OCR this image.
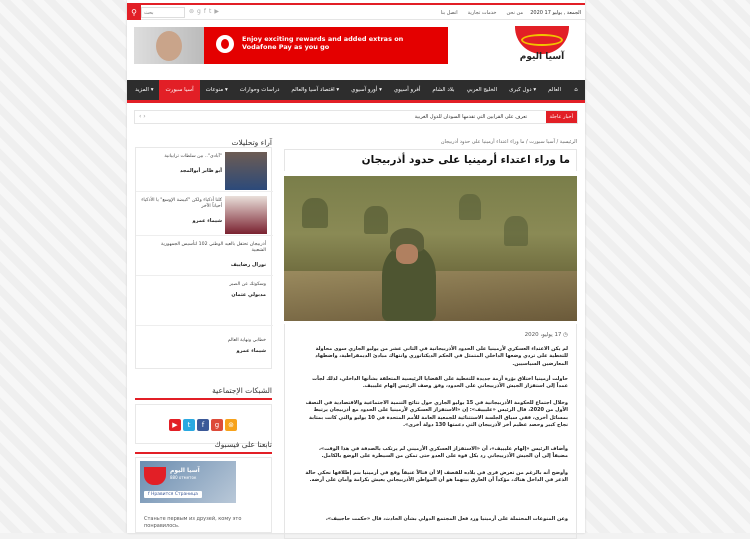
⚲
بحث	⊚ g f t ▶	من نحن
خدمات تجارية
اتصل بنا	الجمعة , يوليو 17 2020
Enjoy exciting rewards and added extras on Vodafone Pay as you go
آسيا اليوم
⌂
العالم
دول كبرى ▾
الخليج العربي
بلاد الشام
أفرو آسيوي
أورو آسيوي ▾
اقتصاد آسيا والعالم ▾
دراسات وحوارات
منوعات ▾
آسيا سبورت
المزيد ▾
أخبار عاجلة
تعرف على القرابين التي تقدمها السودان للدول الغربية
‹ ›
الرئيسية / آسيا سبورت / ما وراء اعتداء أرمينيا على حدود أذربيجان
ما وراء اعتداء أرمينيا على حدود أذربيجان
◷ 17 يوليو، 2020
لم يكن الاعتداء العسكري لأرمينيا على الحدود الأذربيجانية في الثاني عشر من يوليو الجاري سوى محاولة للتغطية على تردي وضعها الداخلي المتمثل في الحكم الديكتاتوري وانتهاك مبادئ الديمقراطية، واضطهاد المعارضين السياسيين.
حاولت أرمينيا اختلاق بؤرة أزمة جديدة للتغطية على القضايا الرئيسية المتعلقة بشأنها الداخلي، لذلك لجأت عمداً إلى استفزاز الجيش الأذربيجاني على الحدود، وفق وصف الرئيس إلهام عليييف.
وخلال اجتماع للحكومة الأذربيجانية في 15 يوليو الجاري حول نتائج التنمية الاجتماعية والاقتصادية في النصف الأول من 2020، قال الرئيس «عليييف»: إن «الاستفزاز العسكري لأرمينيا على الحدود مع أذربيجان يرتبط بمسائل أخرى، ففي سياق الجلسة الاستثنائية للجمعية العامة للأمم المتحدة في 10 يوليو والتي كانت بمثابة نجاح كبير وحصد عظيم أخر لأذربيجان التي دعمتها 130 دولة أخرى».
وأضاف الرئيس «إلهام عليييف»، أن «الاستفزاز العسكري الأرميني لم يرتكب بالصدفة في هذا الوقت»، مضيفاً إلى أن الجيش الأذربيجاني رد بكل قوة على العدو حتى تمكن من السيطرة على الوضع بالكامل.
وأوضح أنه بالرغم من تعرض قرى في بلاده للقصف إلا أن قتالاً عنيفاً وقع في أرمينيا بنم إطلاقها نحكي حالة الذعر في الداخل هناك، مؤكداً أن العارق بينهما هو أن المواطن الأذربيجاني يعيش بكرامة وأمان على أرضه.
وعن المنوعات المحتملة على أرمينيا ورد فعل المجتمع الدولي بشأن الحادث، قال «حكمت حاجييف»،
آراء وتحليلات
"آبادي".. بين سلطات ترابيانية
أبو ظابر أبوالمجد
كلنا أذكياء ولكن "كبيضة الإوسع" يا الأذكياء أحياناً الآخر
شيماء عمرو
أذربيجان تحتفل بالعيد الوطني 102 لتأسيس الجمهورية الشعبية
نورال رضاييف
وسكوتك عن الصبر
مدبولي عثمان
خطابي ونهاية العالم
شيماء عمرو
الشبكات الإجتماعية
▶	t	f	g	⊚
تابعنا على فيسبوك
آسيا اليوم
880 отметок
f Нравится Страница
Станьте первым из друзей, кому это понравилось.
